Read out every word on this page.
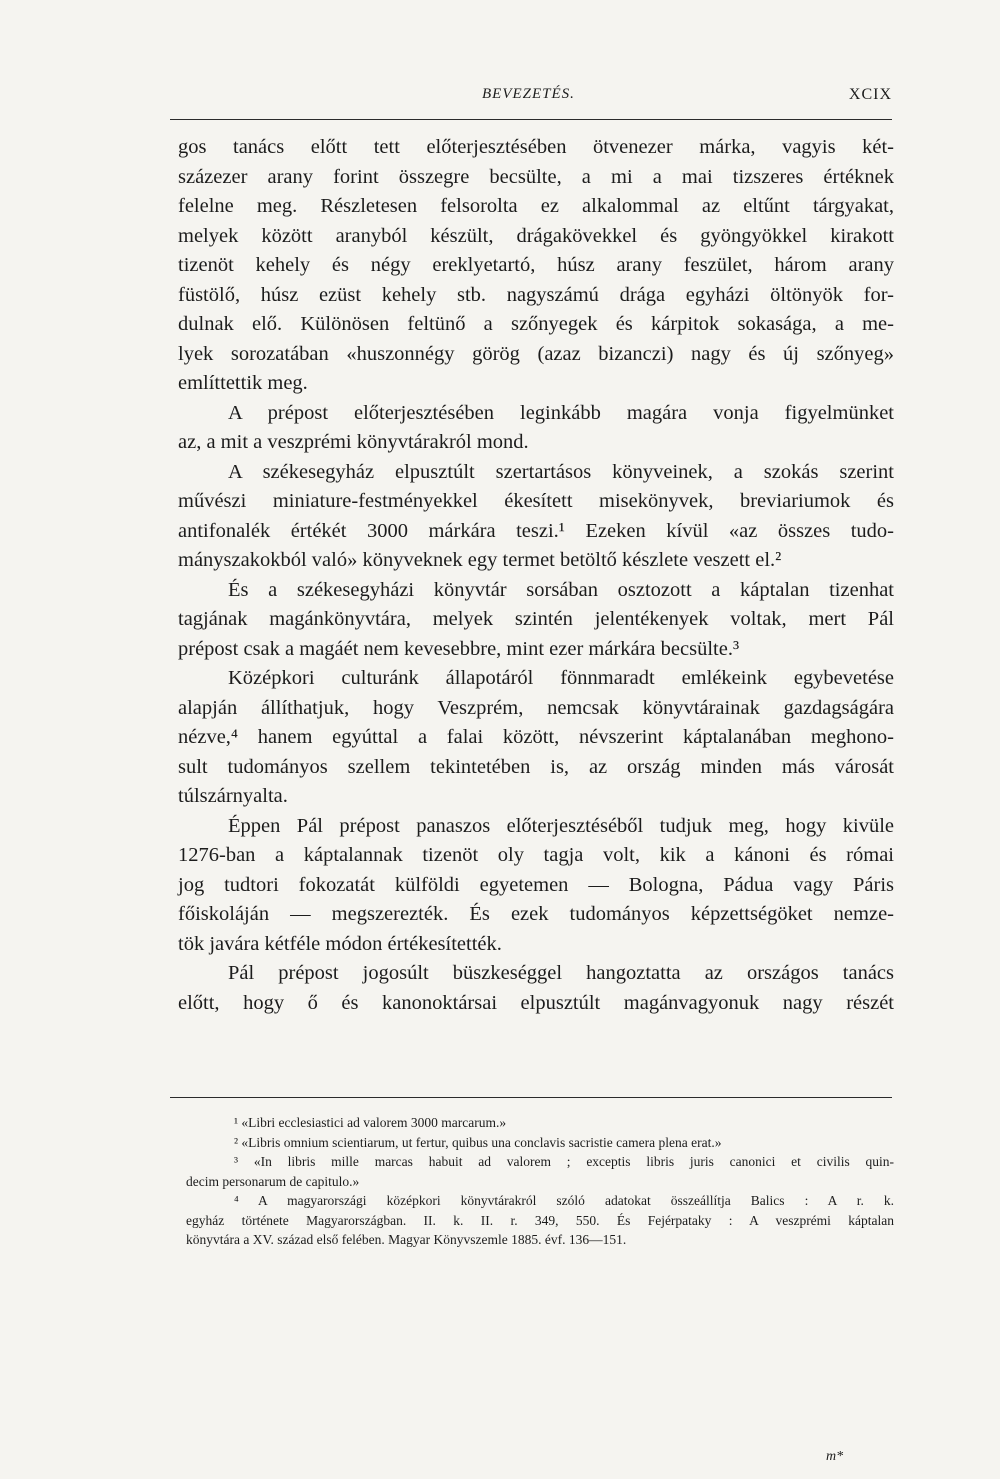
BEVEZETÉS.	XCIX
gos tanács előtt tett előterjesztésében ötvenezer márka, vagyis két-
százezer arany forint összegre becsülte, a mi a mai tizszeres értéknek
felelne meg. Részletesen felsorolta ez alkalommal az eltűnt tárgyakat,
melyek között aranyból készült, drágakövekkel és gyöngyökkel kirakott
tizenöt kehely és négy ereklyetartó, húsz arany feszület, három arany
füstölő, húsz ezüst kehely stb. nagyszámú drága egyházi öltönyök for-
dulnak elő. Különösen feltünő a szőnyegek és kárpitok sokasága, a me-
lyek sorozatában «huszonnégy görög (azaz bizanczi) nagy és új szőnyeg»
említtettik meg.
A prépost előterjesztésében leginkább magára vonja figyelmünket
az, a mit a veszprémi könyvtárakról mond.
A székesegyház elpusztúlt szertartásos könyveinek, a szokás szerint
művészi miniature-festményekkel ékesített misekönyvek, breviariumok és
antifonalék értékét 3000 márkára teszi.¹ Ezeken kívül «az összes tudo-
mányszakokból való» könyveknek egy termet betöltő készlete veszett el.²
És a székesegyházi könyvtár sorsában osztozott a káptalan tizenhat
tagjának magánkönyvtára, melyek szintén jelentékenyek voltak, mert Pál
prépost csak a magáét nem kevesebbre, mint ezer márkára becsülte.³
Középkori culturánk állapotáról fönnmaradt emlékeink egybevetése
alapján állíthatjuk, hogy Veszprém, nemcsak könyvtárainak gazdagságára
nézve,⁴ hanem egyúttal a falai között, névszerint káptalanában meghono-
sult tudományos szellem tekintetében is, az ország minden más városát
túlszárnyalta.
Éppen Pál prépost panaszos előterjesztéséből tudjuk meg, hogy kivüle
1276-ban a káptalannak tizenöt oly tagja volt, kik a kánoni és római
jog tudtori fokozatát külföldi egyetemen — Bologna, Pádua vagy Páris
főiskoláján — megszerezték. És ezek tudományos képzettségöket nemze-
tök javára kétféle módon értékesítették.
Pál prépost jogosúlt büszkeséggel hangoztatta az országos tanács
előtt, hogy ő és kanonoktársai elpusztúlt magánvagyonuk nagy részét
¹ «Libri ecclesiastici ad valorem 3000 marcarum.»
² «Libris omnium scientiarum, ut fertur, quibus una conclavis sacristie camera plena erat.»
³ «In libris mille marcas habuit ad valorem ; exceptis libris juris canonici et civilis quin-
decim personarum de capitulo.»
⁴ A magyarországi középkori könyvtárakról szóló adatokat összeállítja Balics : A r. k.
egyház története Magyarországban. II. k. II. r. 349, 550. És Fejérpataky : A veszprémi káptalan
könyvtára a XV. század első felében. Magyar Könyvszemle 1885. évf. 136—151.
m*
